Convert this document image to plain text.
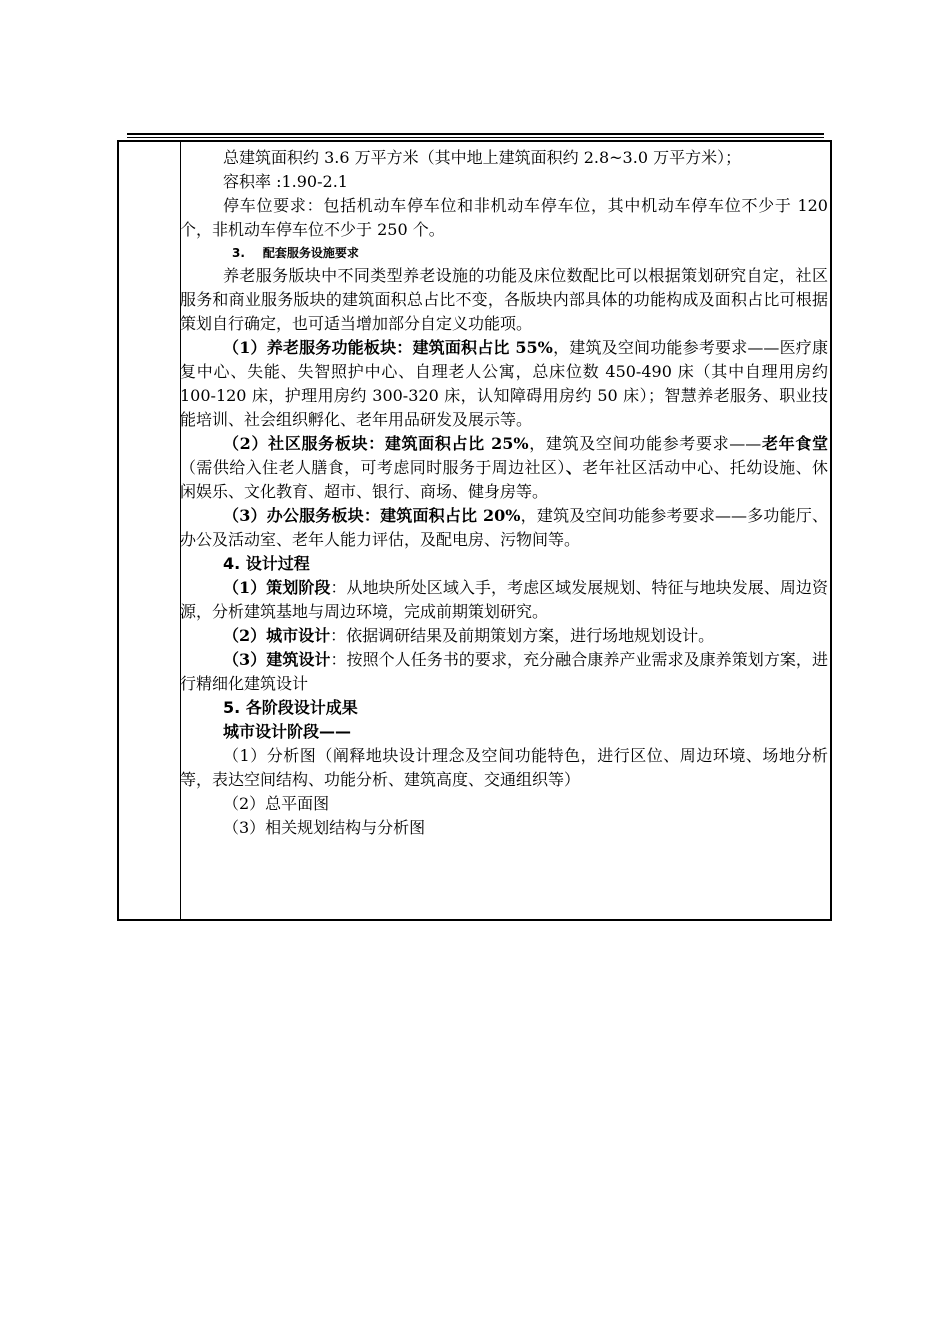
总建筑面积约 3.6 万平方米（其中地上建筑面积约 2.8~3.0 万平方米）；

容积率 :1.90-2.1

停车位要求：包括机动车停车位和非机动车停车位，其中机动车停车位不少于 120 个，非机动车停车位不少于 250 个。

3. 配套服务设施要求

养老服务版块中不同类型养老设施的功能及床位数配比可以根据策划研究自定，社区服务和商业服务版块的建筑面积总占比不变，各版块内部具体的功能构成及面积占比可根据策划自行确定，也可适当增加部分自定义功能项。

（1）养老服务功能板块：建筑面积占比 55%，建筑及空间功能参考要求——医疗康复中心、失能、失智照护中心、自理老人公寓，总床位数 450-490 床（其中自理用房约 100-120 床，护理用房约 300-320 床，认知障碍用房约 50 床）；智慧养老服务、职业技能培训、社会组织孵化、老年用品研发及展示等。

（2）社区服务板块：建筑面积占比 25%，建筑及空间功能参考要求——老年食堂（需供给入住老人膳食，可考虑同时服务于周边社区）、老年社区活动中心、托幼设施、休闲娱乐、文化教育、超市、银行、商场、健身房等。

（3）办公服务板块：建筑面积占比 20%，建筑及空间功能参考要求——多功能厅、办公及活动室、老年人能力评估，及配电房、污物间等。

4. 设计过程

（1）策划阶段：从地块所处区域入手，考虑区域发展规划、特征与地块发展、周边资源，分析建筑基地与周边环境，完成前期策划研究。

（2）城市设计：依据调研结果及前期策划方案，进行场地规划设计。

（3）建筑设计：按照个人任务书的要求，充分融合康养产业需求及康养策划方案，进行精细化建筑设计

5. 各阶段设计成果

城市设计阶段——

（1）分析图（阐释地块设计理念及空间功能特色，进行区位、周边环境、场地分析等，表达空间结构、功能分析、建筑高度、交通组织等）

（2）总平面图

（3）相关规划结构与分析图
